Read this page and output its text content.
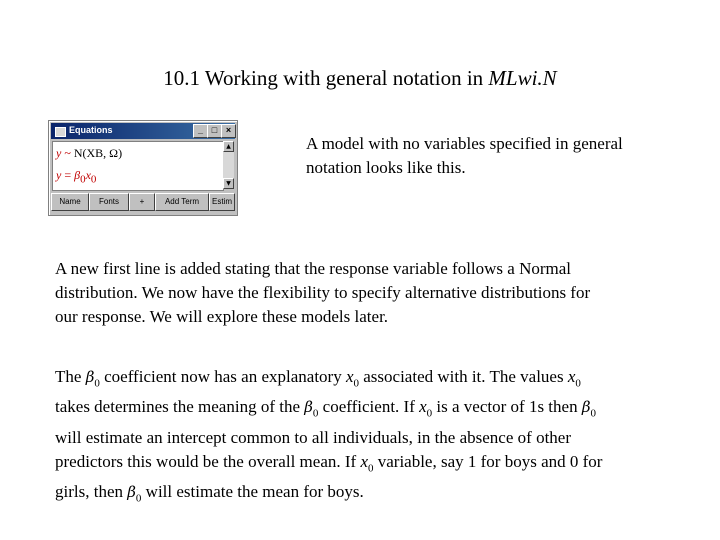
10.1 Working with general notation in MLwi.N
Equations	_ □ ×
y ~ N(XB, Ω)
$y = \beta_0x_0$
▲
▼
Name	Fonts	+	Add Term	Estim
A model with no variables specified in general notation looks like this.
A new first line is added stating that the response variable follows a Normal distribution. We now have the flexibility to specify alternative distributions for our response. We will explore these models later.
The $\beta_0$ coefficient now has an explanatory $x_0$ associated with it. The values $x_0$ takes determines the meaning of the $\beta_0$ coefficient. If $x_0$ is a vector of 1s then $\beta_0$ will estimate an intercept common to all individuals, in the absence of other predictors this would be the overall mean. If $x_0$ variable, say 1 for boys and 0 for girls, then $\beta_0$ will estimate the mean for boys.
